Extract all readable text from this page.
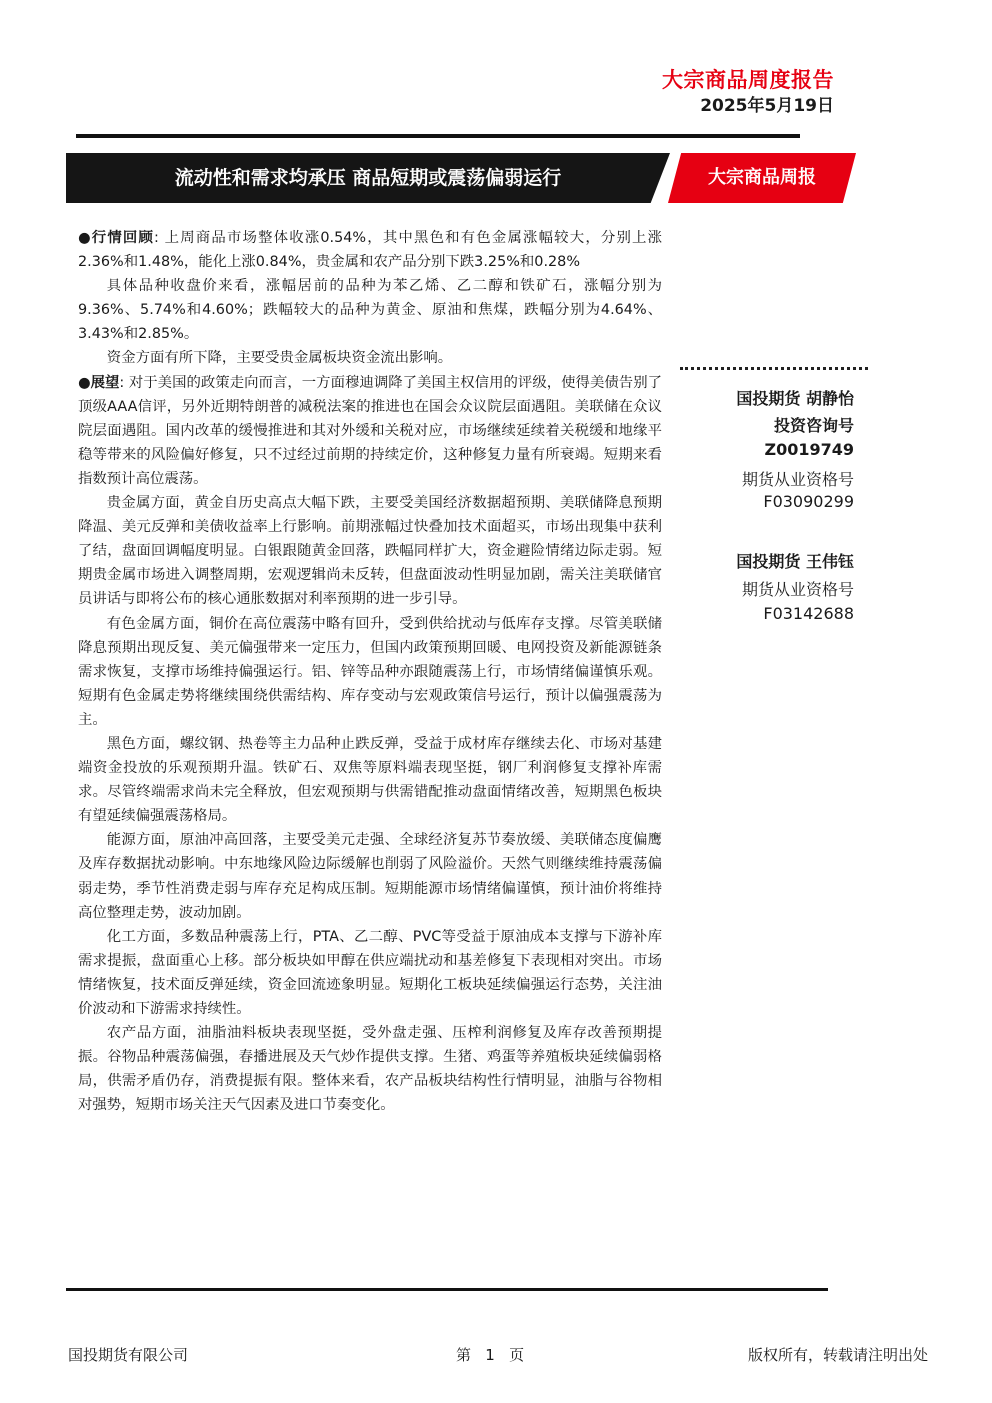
大宗商品周度报告
2025年5月19日
流动性和需求均承压 商品短期或震荡偏弱运行	大宗商品周报

●行情回顾: 上周商品市场整体收涨0.54%，其中黑色和有色金属涨幅较大，分别上涨2.36%和1.48%，能化上涨0.84%，贵金属和农产品分别下跌3.25%和0.28%

具体品种收盘价来看，涨幅居前的品种为苯乙烯、乙二醇和铁矿石，涨幅分别为9.36%、5.74%和4.60%；跌幅较大的品种为黄金、原油和焦煤，跌幅分别为4.64%、3.43%和2.85%。

资金方面有所下降，主要受贵金属板块资金流出影响。

●展望: 对于美国的政策走向而言，一方面穆迪调降了美国主权信用的评级，使得美债告别了顶级AAA信评，另外近期特朗普的减税法案的推进也在国会众议院层面遇阻。美联储在众议院层面遇阻。国内改革的缓慢推进和其对外缓和关税对应，市场继续延续着关税缓和地缘平稳等带来的风险偏好修复，只不过经过前期的持续定价，这种修复力量有所衰竭。短期来看指数预计高位震荡。

贵金属方面，黄金自历史高点大幅下跌，主要受美国经济数据超预期、美联储降息预期降温、美元反弹和美债收益率上行影响。前期涨幅过快叠加技术面超买，市场出现集中获利了结，盘面回调幅度明显。白银跟随黄金回落，跌幅同样扩大，资金避险情绪边际走弱。短期贵金属市场进入调整周期，宏观逻辑尚未反转，但盘面波动性明显加剧，需关注美联储官员讲话与即将公布的核心通胀数据对利率预期的进一步引导。

有色金属方面，铜价在高位震荡中略有回升，受到供给扰动与低库存支撑。尽管美联储降息预期出现反复、美元偏强带来一定压力，但国内政策预期回暖、电网投资及新能源链条需求恢复，支撑市场维持偏强运行。铝、锌等品种亦跟随震荡上行，市场情绪偏谨慎乐观。短期有色金属走势将继续围绕供需结构、库存变动与宏观政策信号运行，预计以偏强震荡为主。

黑色方面，螺纹钢、热卷等主力品种止跌反弹，受益于成材库存继续去化、市场对基建端资金投放的乐观预期升温。铁矿石、双焦等原料端表现坚挺，钢厂利润修复支撑补库需求。尽管终端需求尚未完全释放，但宏观预期与供需错配推动盘面情绪改善，短期黑色板块有望延续偏强震荡格局。

能源方面，原油冲高回落，主要受美元走强、全球经济复苏节奏放缓、美联储态度偏鹰及库存数据扰动影响。中东地缘风险边际缓解也削弱了风险溢价。天然气则继续维持震荡偏弱走势，季节性消费走弱与库存充足构成压制。短期能源市场情绪偏谨慎，预计油价将维持高位整理走势，波动加剧。

化工方面，多数品种震荡上行，PTA、乙二醇、PVC等受益于原油成本支撑与下游补库需求提振，盘面重心上移。部分板块如甲醇在供应端扰动和基差修复下表现相对突出。市场情绪恢复，技术面反弹延续，资金回流迹象明显。短期化工板块延续偏强运行态势，关注油价波动和下游需求持续性。

农产品方面，油脂油料板块表现坚挺，受外盘走强、压榨利润修复及库存改善预期提振。谷物品种震荡偏强，春播进展及天气炒作提供支撑。生猪、鸡蛋等养殖板块延续偏弱格局，供需矛盾仍存，消费提振有限。整体来看，农产品板块结构性行情明显，油脂与谷物相对强势，短期市场关注天气因素及进口节奏变化。

国投期货 胡静怡
投资咨询号
Z0019749
期货从业资格号
F03090299
国投期货 王伟钰
期货从业资格号
F03142688
国投期货有限公司	第   1   页	版权所有，转载请注明出处
